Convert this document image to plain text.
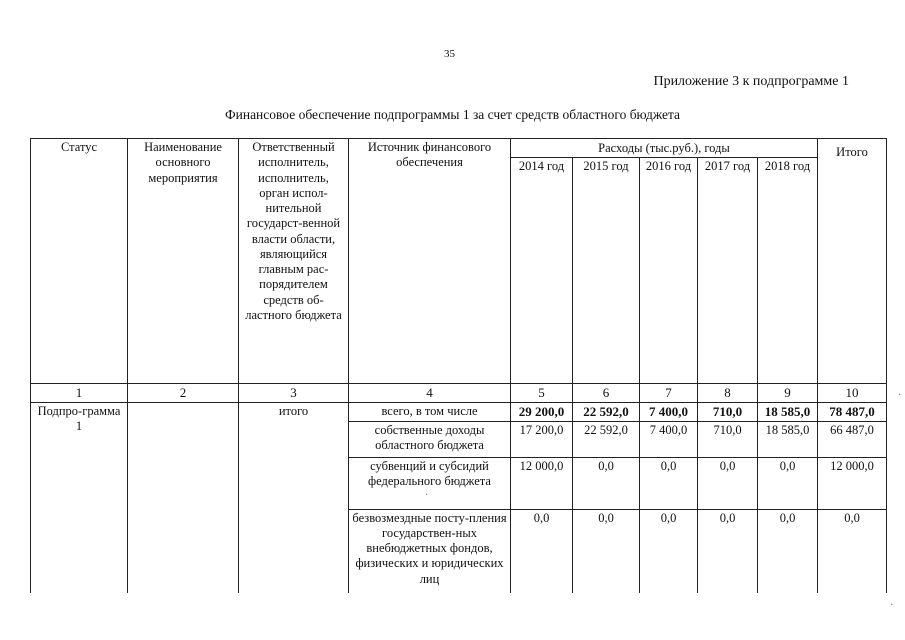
35
Приложение 3 к подпрограмме 1
Финансовое обеспечение подпрограммы 1 за счет средств областного бюджета
Статус	Наименование основного мероприятия	Ответственный исполнитель, исполнитель, орган испол-нительной государст-венной власти области, являющийся главным рас-порядителем средств об-ластного бюджета	Источник финансового обеспечения	Расходы (тыс.руб.), годы					Итого
				2014 год	2015 год	2016 год	2017 год	2018 год	
1	2	3	4	5	6	7	8	9	10
Подпро-грамма 1		итого	всего, в том числе	29 200,0	22 592,0	7 400,0	710,0	18 585,0	78 487,0
			собственные доходы областного бюджета	17 200,0	22 592,0	7 400,0	710,0	18 585,0	66 487,0
			субвенций и субсидий федерального бюджета	12 000,0	0,0	0,0	0,0	0,0	12 000,0
			безвозмездные посту-пления государствен-ных внебюджетных фондов, физических и юридических лиц	0,0	0,0	0,0	0,0	0,0	0,0
·
·
·
